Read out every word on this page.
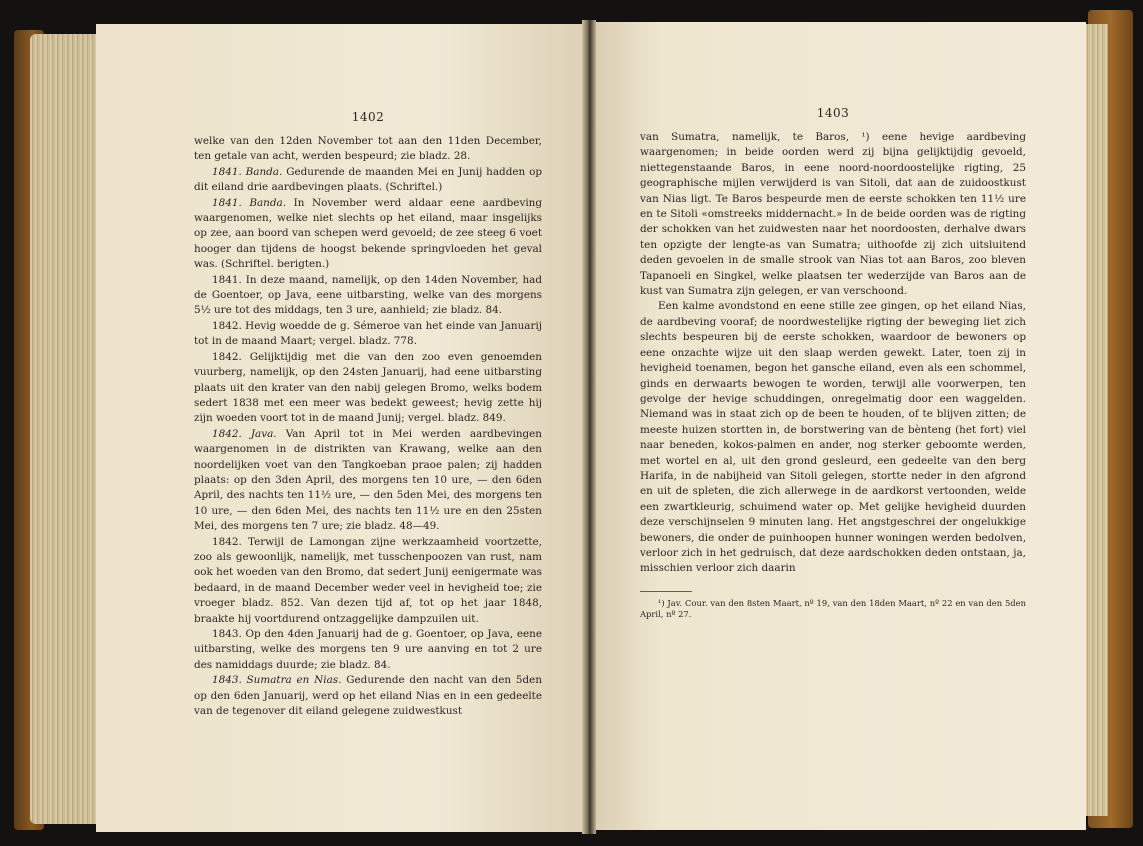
1402

welke van den 12den November tot aan den 11den December, ten getale van acht, werden bespeurd; zie bladz. 28.

1841. Banda. Gedurende de maanden Mei en Junij hadden op dit eiland drie aardbevingen plaats. (Schriftel.)

1841. Banda. In November werd aldaar eene aardbeving waargenomen, welke niet slechts op het eiland, maar insgelijks op zee, aan boord van schepen werd gevoeld; de zee steeg 6 voet hooger dan tijdens de hoogst bekende springvloeden het geval was. (Schriftel. berigten.)

1841. In deze maand, namelijk, op den 14den November, had de Goentoer, op Java, eene uitbarsting, welke van des morgens 5½ ure tot des middags, ten 3 ure, aanhield; zie bladz. 84.

1842. Hevig woedde de g. Sémeroe van het einde van Januarij tot in de maand Maart; vergel. bladz. 778.

1842. Gelijktijdig met die van den zoo even genoemden vuurberg, namelijk, op den 24sten Januarij, had eene uitbarsting plaats uit den krater van den nabij gelegen Bromo, welks bodem sedert 1838 met een meer was bedekt geweest; hevig zette hij zijn woeden voort tot in de maand Junij; vergel. bladz. 849.

1842. Java. Van April tot in Mei werden aardbevingen waargenomen in de distrikten van Krawang, welke aan den noordelijken voet van den Tangkoeban praoe palen; zij hadden plaats: op den 3den April, des morgens ten 10 ure, — den 6den April, des nachts ten 11½ ure, — den 5den Mei, des morgens ten 10 ure, — den 6den Mei, des nachts ten 11½ ure en den 25sten Mei, des morgens ten 7 ure; zie bladz. 48—49.

1842. Terwijl de Lamongan zijne werkzaamheid voortzette, zoo als gewoonlijk, namelijk, met tusschenpoozen van rust, nam ook het woeden van den Bromo, dat sedert Junij eenigermate was bedaard, in de maand December weder veel in hevigheid toe; zie vroeger bladz. 852. Van dezen tijd af, tot op het jaar 1848, braakte hij voortdurend ontzaggelijke dampzuilen uit.

1843. Op den 4den Januarij had de g. Goentoer, op Java, eene uitbarsting, welke des morgens ten 9 ure aanving en tot 2 ure des namiddags duurde; zie bladz. 84.

1843. Sumatra en Nias. Gedurende den nacht van den 5den op den 6den Januarij, werd op het eiland Nias en in een gedeelte van de tegenover dit eiland gelegene zuidwestkust

1403

van Sumatra, namelijk, te Baros, ¹) eene hevige aardbeving waargenomen; in beide oorden werd zij bijna gelijktijdig gevoeld, niettegenstaande Baros, in eene noord-noordoostelijke rigting, 25 geographische mijlen verwijderd is van Sitoli, dat aan de zuidoostkust van Nias ligt. Te Baros bespeurde men de eerste schokken ten 11½ ure en te Sitoli «omstreeks middernacht.» In de beide oorden was de rigting der schokken van het zuidwesten naar het noordoosten, derhalve dwars ten opzigte der lengte-as van Sumatra; uithoofde zij zich uitsluitend deden gevoelen in de smalle strook van Nias tot aan Baros, zoo bleven Tapanoeli en Singkel, welke plaatsen ter wederzijde van Baros aan de kust van Sumatra zijn gelegen, er van verschoond.

Een kalme avondstond en eene stille zee gingen, op het eiland Nias, de aardbeving vooraf; de noordwestelijke rigting der beweging liet zich slechts bespeuren bij de eerste schokken, waardoor de bewoners op eene onzachte wijze uit den slaap werden gewekt. Later, toen zij in hevigheid toenamen, begon het gansche eiland, even als een schommel, ginds en derwaarts bewogen te worden, terwijl alle voorwerpen, ten gevolge der hevige schuddingen, onregelmatig door een waggelden. Niemand was in staat zich op de been te houden, of te blijven zitten; de meeste huizen stortten in, de borstwering van de bènteng (het fort) viel naar beneden, kokos-palmen en ander, nog sterker geboomte werden, met wortel en al, uit den grond gesleurd, een gedeelte van den berg Harifa, in de nabijheid van Sitoli gelegen, stortte neder in den afgrond en uit de spleten, die zich allerwege in de aardkorst vertoonden, welde een zwartkleurig, schuimend water op. Met gelijke hevigheid duurden deze verschijnselen 9 minuten lang. Het angstgeschrei der ongelukkige bewoners, die onder de puinhoopen hunner woningen werden bedolven, verloor zich in het gedruisch, dat deze aardschokken deden ontstaan, ja, misschien verloor zich daarin

¹) Jav. Cour. van den 8sten Maart, nº 19, van den 18den Maart, nº 22 en van den 5den April, nº 27.
